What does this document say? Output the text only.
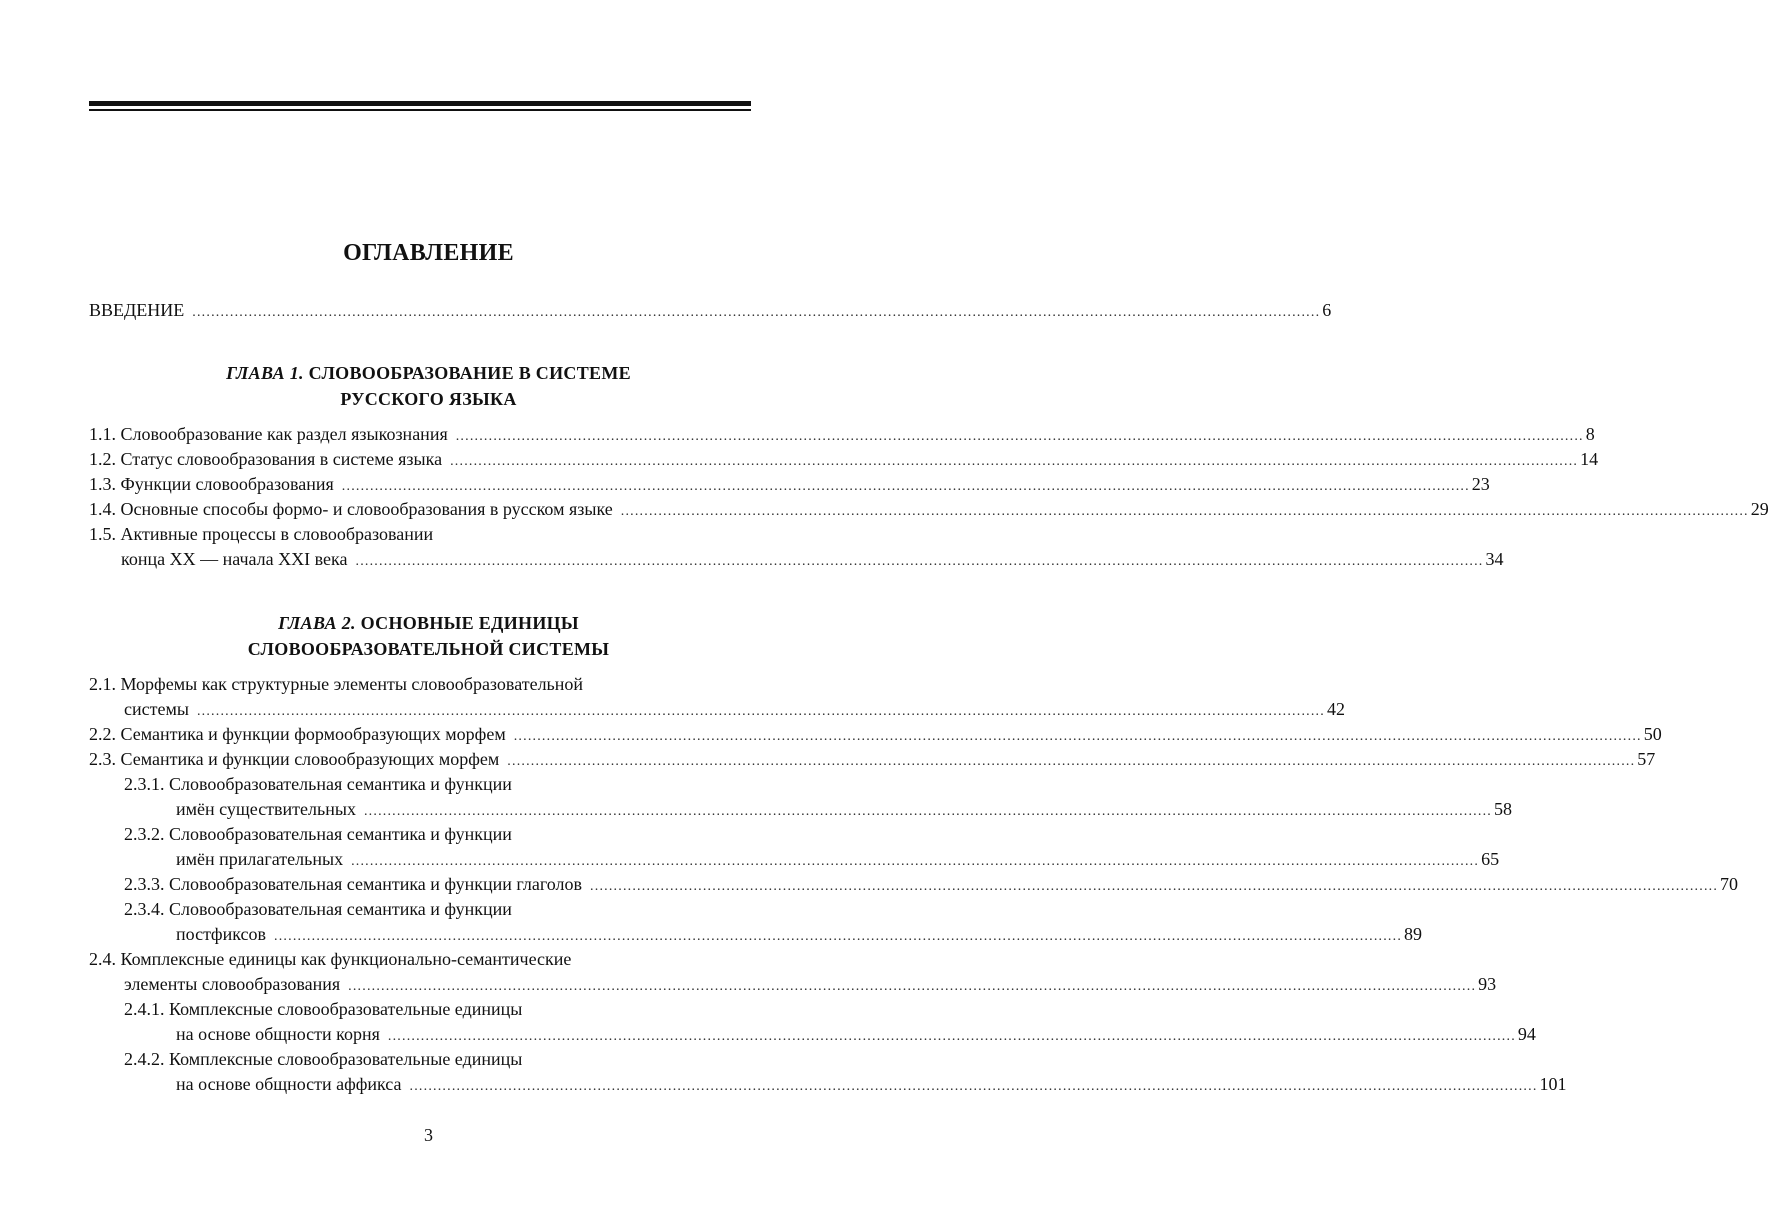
ОГЛАВЛЕНИЕ
ВВЕДЕНИЕ ................................................................................................................................................................................................................................................ 6
ГЛАВА 1. СЛОВООБРАЗОВАНИЕ В СИСТЕМЕ
РУССКОГО ЯЗЫКА
1.1. Словообразование как раздел языкознания ................................................................................................................................................................................................................................................ 8
1.2. Статус словообразования в системе языка ................................................................................................................................................................................................................................................ 14
1.3. Функции словообразования ................................................................................................................................................................................................................................................ 23
1.4. Основные способы формо- и словообразования в русском языке ................................................................................................................................................................................................................................................ 29
1.5. Активные процессы в словообразовании
конца ХХ — начала ХХI века ................................................................................................................................................................................................................................................ 34
ГЛАВА 2. ОСНОВНЫЕ ЕДИНИЦЫ
СЛОВООБРАЗОВАТЕЛЬНОЙ СИСТЕМЫ
2.1. Морфемы как структурные элементы словообразовательной
системы ................................................................................................................................................................................................................................................ 42
2.2. Семантика и функции формообразующих морфем ................................................................................................................................................................................................................................................ 50
2.3. Семантика и функции словообразующих морфем ................................................................................................................................................................................................................................................ 57
2.3.1. Словообразовательная семантика и функции
имён существительных ................................................................................................................................................................................................................................................ 58
2.3.2. Словообразовательная семантика и функции
имён прилагательных ................................................................................................................................................................................................................................................ 65
2.3.3. Словообразовательная семантика и функции глаголов ................................................................................................................................................................................................................................................ 70
2.3.4. Словообразовательная семантика и функции
постфиксов ................................................................................................................................................................................................................................................ 89
2.4. Комплексные единицы как функционально-семантические
элементы словообразования ................................................................................................................................................................................................................................................ 93
2.4.1. Комплексные словообразовательные единицы
на основе общности корня ................................................................................................................................................................................................................................................ 94
2.4.2. Комплексные словообразовательные единицы
на основе общности аффикса ................................................................................................................................................................................................................................................ 101
3
